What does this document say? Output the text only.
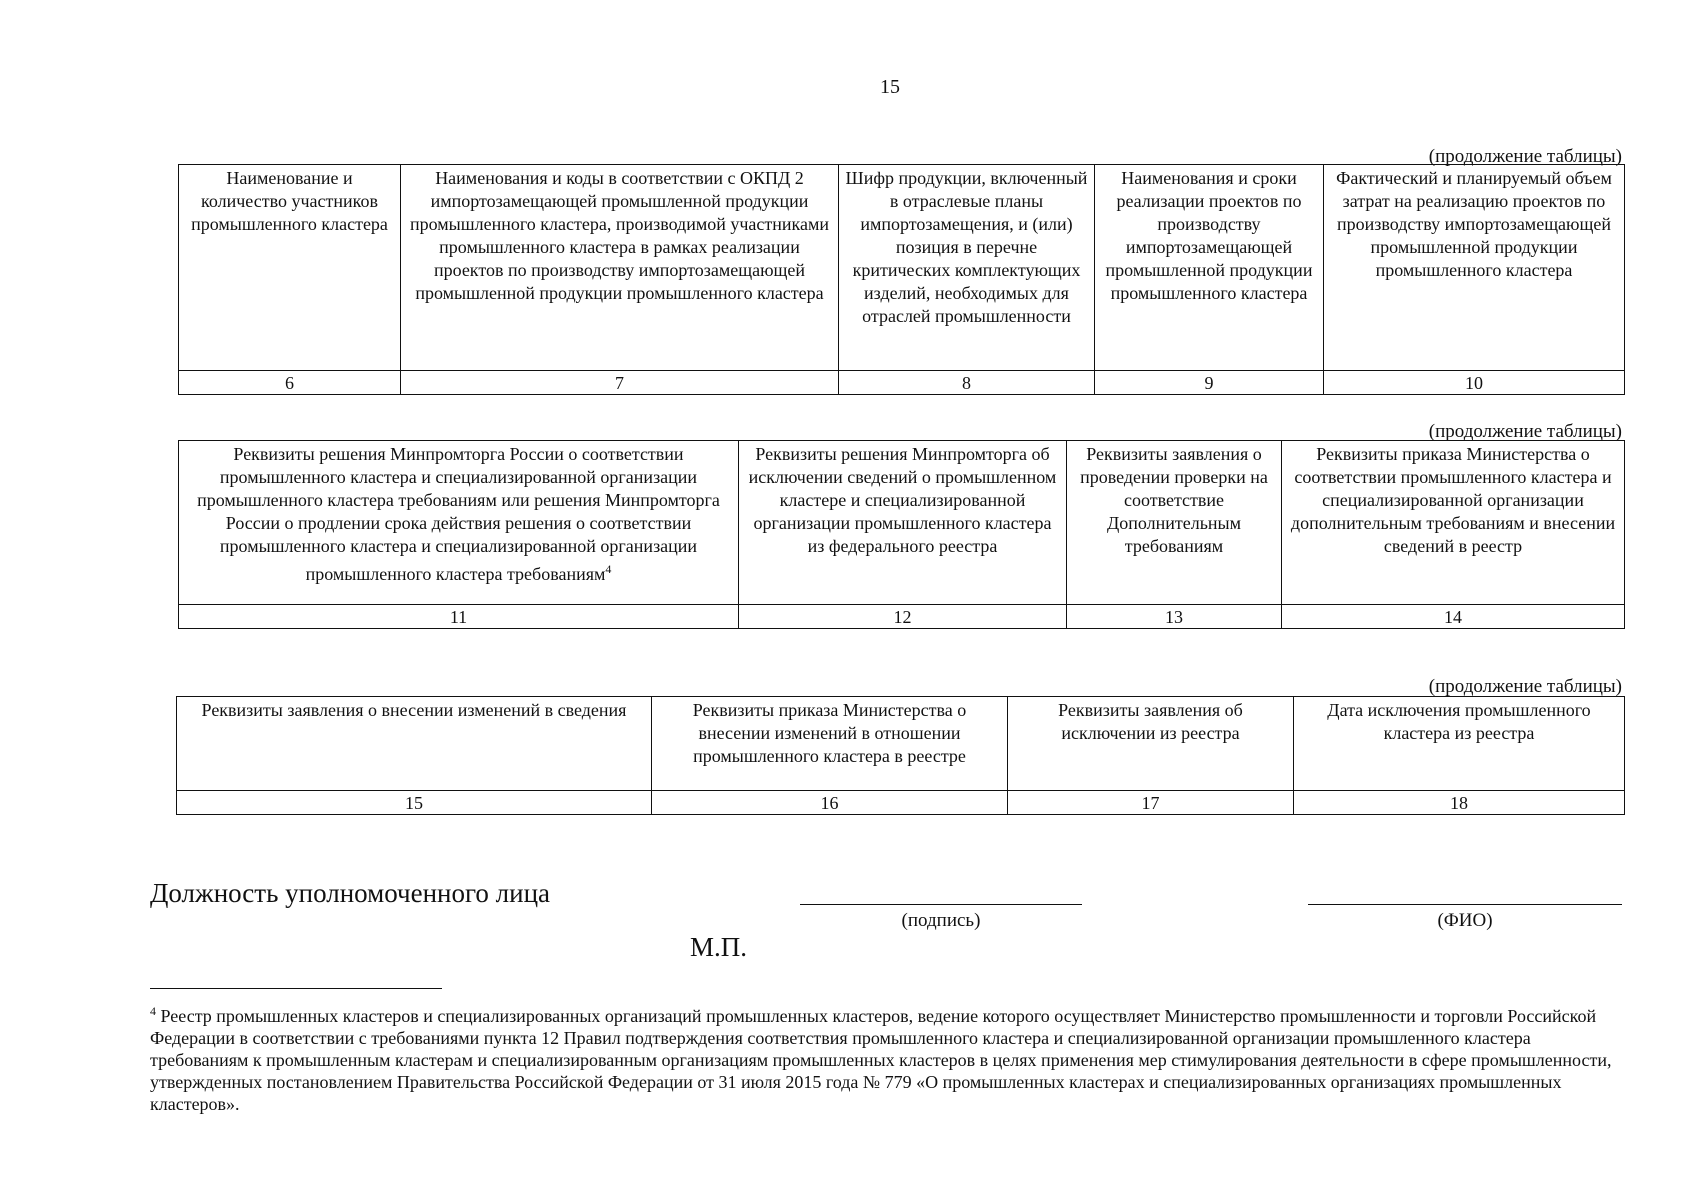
15
(продолжение таблицы)
Наименование и количество участников промышленного кластера	Наименования и коды в соответствии с ОКПД 2 импортозамещающей промышленной продукции промышленного кластера, производимой участниками промышленного кластера в рамках реализации проектов по производству импортозамещающей промышленной продукции промышленного кластера	Шифр продукции, включенный в отраслевые планы импортозамещения, и (или) позиция в перечне критических комплектующих изделий, необходимых для отраслей промышленности	Наименования и сроки реализации проектов по производству импортозамещающей промышленной продукции промышленного кластера	Фактический и планируемый объем затрат на реализацию проектов по производству импортозамещающей промышленной продукции промышленного кластера
6	7	8	9	10
(продолжение таблицы)
Реквизиты решения Минпромторга России о соответствии промышленного кластера и специализированной организации промышленного кластера требованиям или решения Минпромторга России о продлении срока действия решения о соответствии промышленного кластера и специализированной организации промышленного кластера требованиям$^4$	Реквизиты решения Минпромторга об исключении сведений о промышленном кластере и специализированной организации промышленного кластера из федерального реестра	Реквизиты заявления о проведении проверки на соответствие Дополнительным требованиям	Реквизиты приказа Министерства о соответствии промышленного кластера и специализированной организации дополнительным требованиям и внесении сведений в реестр
11	12	13	14
(продолжение таблицы)
Реквизиты заявления о внесении изменений в сведения	Реквизиты приказа Министерства о внесении изменений в отношении промышленного кластера в реестре	Реквизиты заявления об исключении из реестра	Дата исключения промышленного кластера из реестра
15	16	17	18
Должность уполномоченного лица
(подпись)	(ФИО)
М.П.
$^4$ Реестр промышленных кластеров и специализированных организаций промышленных кластеров, ведение которого осуществляет Министерство промышленности и торговли Российской Федерации в соответствии с требованиями пункта 12 Правил подтверждения соответствия промышленного кластера и специализированной организации промышленного кластера требованиям к промышленным кластерам и специализированным организациям промышленных кластеров в целях применения мер стимулирования деятельности в сфере промышленности, утвержденных постановлением Правительства Российской Федерации от 31 июля 2015 года № 779 «О промышленных кластерах и специализированных организациях промышленных кластеров».
